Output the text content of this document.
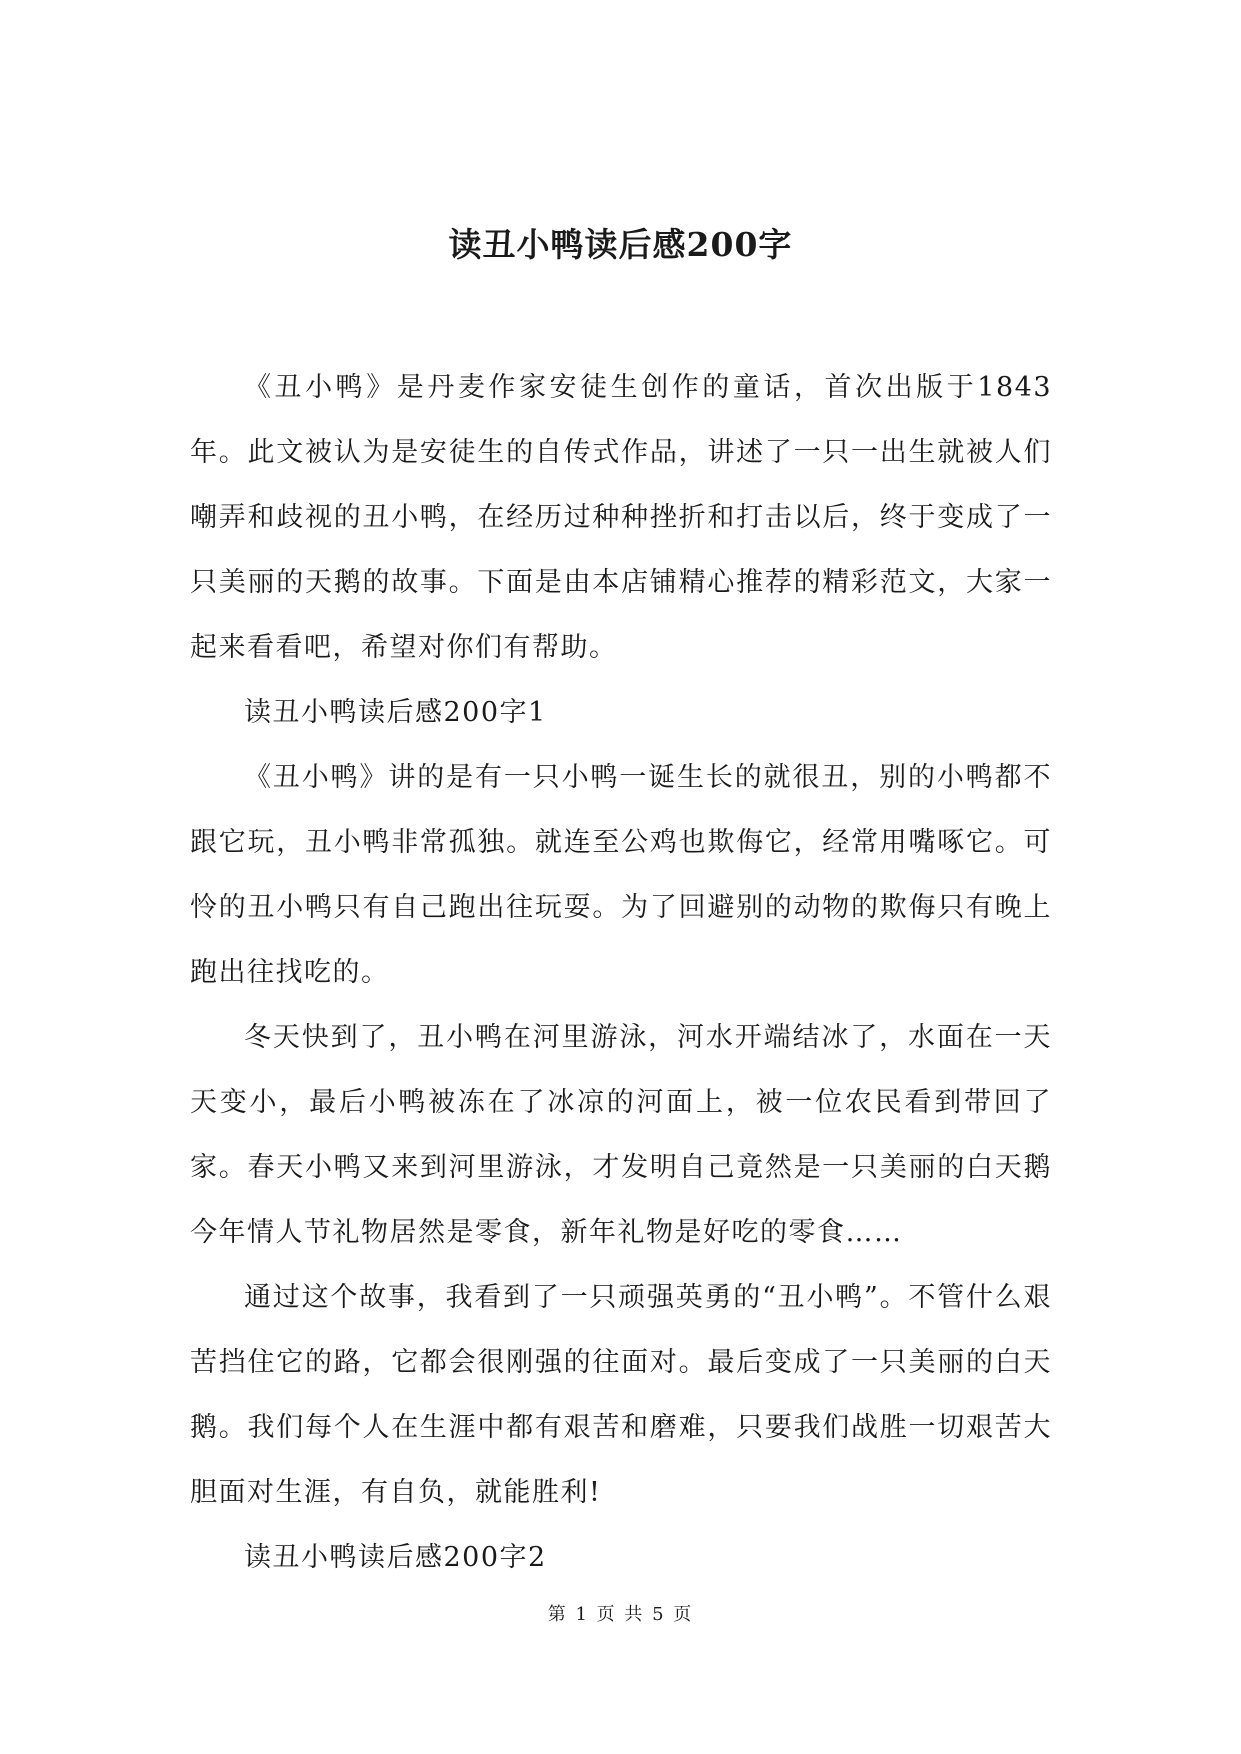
读丑小鸭读后感200字

《丑小鸭》是丹麦作家安徒生创作的童话，首次出版于1843年。此文被认为是安徒生的自传式作品，讲述了一只一出生就被人们嘲弄和歧视的丑小鸭，在经历过种种挫折和打击以后，终于变成了一只美丽的天鹅的故事。下面是由本店铺精心推荐的精彩范文，大家一起来看看吧，希望对你们有帮助。

读丑小鸭读后感200字1

《丑小鸭》讲的是有一只小鸭一诞生长的就很丑，别的小鸭都不跟它玩，丑小鸭非常孤独。就连至公鸡也欺侮它，经常用嘴啄它。可怜的丑小鸭只有自己跑出往玩耍。为了回避别的动物的欺侮只有晚上跑出往找吃的。

冬天快到了，丑小鸭在河里游泳，河水开端结冰了，水面在一天天变小，最后小鸭被冻在了冰凉的河面上，被一位农民看到带回了家。春天小鸭又来到河里游泳，才发明自己竟然是一只美丽的白天鹅今年情人节礼物居然是零食，新年礼物是好吃的零食……

通过这个故事，我看到了一只顽强英勇的“丑小鸭”。不管什么艰苦挡住它的路，它都会很刚强的往面对。最后变成了一只美丽的白天鹅。我们每个人在生涯中都有艰苦和磨难，只要我们战胜一切艰苦大胆面对生涯，有自负，就能胜利!

读丑小鸭读后感200字2

第 1 页 共 5 页
